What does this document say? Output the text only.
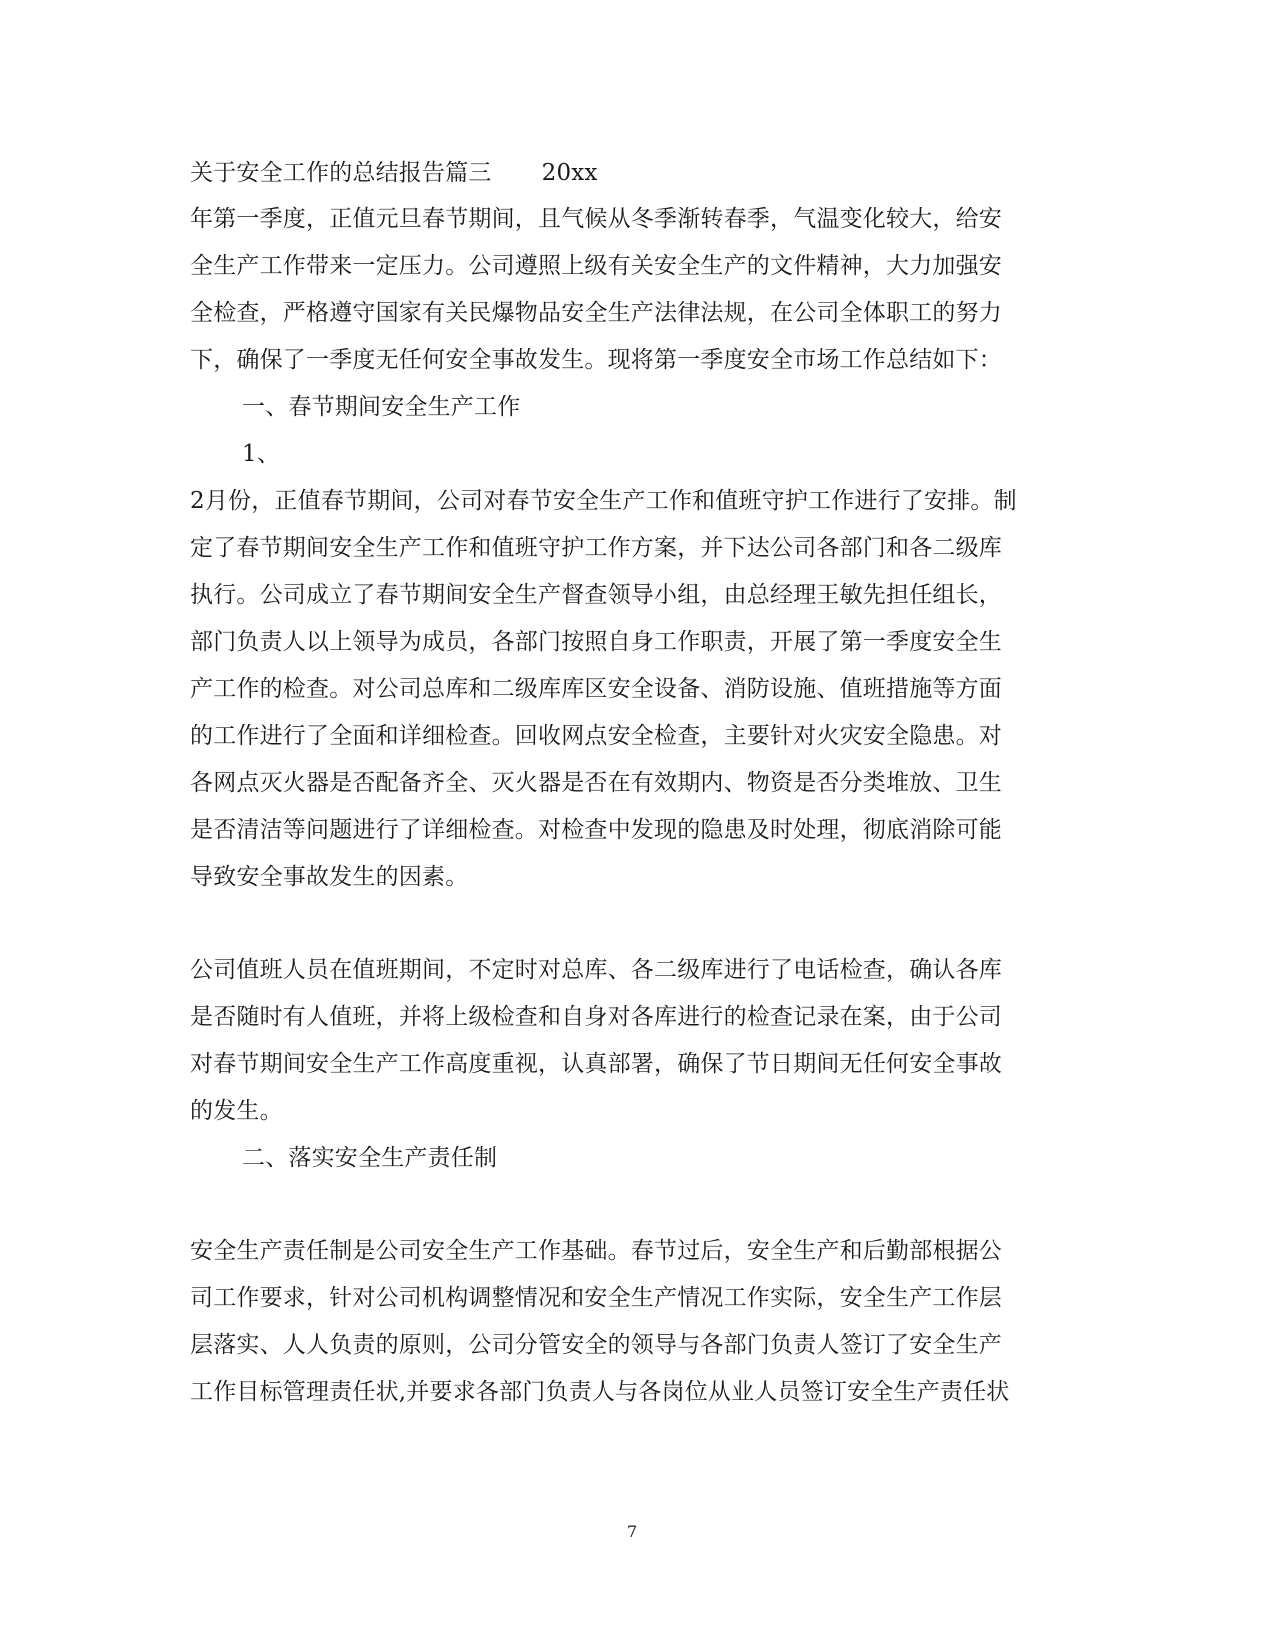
关于安全工作的总结报告篇三 20xx
年第一季度，正值元旦春节期间，且气候从冬季渐转春季，气温变化较大，给安
全生产工作带来一定压力。公司遵照上级有关安全生产的文件精神，大力加强安
全检查，严格遵守国家有关民爆物品安全生产法律法规，在公司全体职工的努力
下，确保了一季度无任何安全事故发生。现将第一季度安全市场工作总结如下：
一、春节期间安全生产工作
1、
2月份，正值春节期间，公司对春节安全生产工作和值班守护工作进行了安排。制
定了春节期间安全生产工作和值班守护工作方案，并下达公司各部门和各二级库
执行。公司成立了春节期间安全生产督查领导小组，由总经理王敏先担任组长，
部门负责人以上领导为成员，各部门按照自身工作职责，开展了第一季度安全生
产工作的检查。对公司总库和二级库库区安全设备、消防设施、值班措施等方面
的工作进行了全面和详细检查。回收网点安全检查，主要针对火灾安全隐患。对
各网点灭火器是否配备齐全、灭火器是否在有效期内、物资是否分类堆放、卫生
是否清洁等问题进行了详细检查。对检查中发现的隐患及时处理，彻底消除可能
导致安全事故发生的因素。
公司值班人员在值班期间，不定时对总库、各二级库进行了电话检查，确认各库
是否随时有人值班，并将上级检查和自身对各库进行的检查记录在案，由于公司
对春节期间安全生产工作高度重视，认真部署，确保了节日期间无任何安全事故
的发生。
二、落实安全生产责任制
安全生产责任制是公司安全生产工作基础。春节过后，安全生产和后勤部根据公
司工作要求，针对公司机构调整情况和安全生产情况工作实际，安全生产工作层
层落实、人人负责的原则，公司分管安全的领导与各部门负责人签订了安全生产
工作目标管理责任状,并要求各部门负责人与各岗位从业人员签订安全生产责任状
7
